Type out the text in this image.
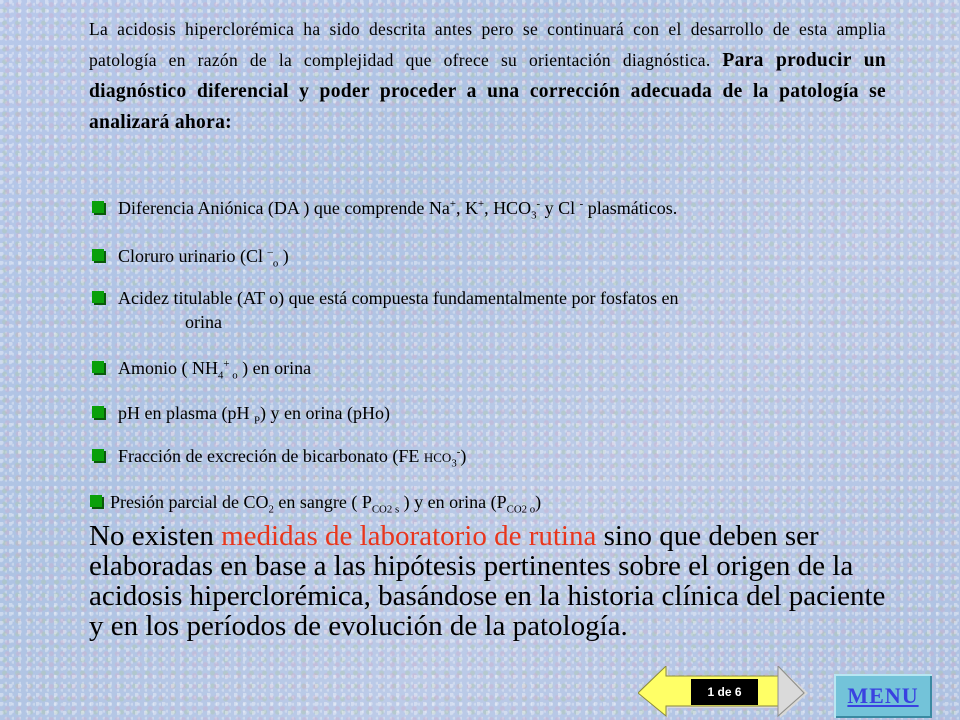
La acidosis hiperclorémica ha sido descrita antes pero se continuará con el desarrollo de esta amplia patología en razón de la complejidad que ofrece su orientación diagnóstica. Para producir un diagnóstico diferencial y poder proceder a una corrección adecuada de la patología se analizará ahora:
Diferencia Aniónica (DA ) que comprende Na+, K+, $HCO_3^-$ y Cl - plasmáticos.
Cloruro urinario (Cl –$_o$ )
Acidez titulable (AT o) que está compuesta fundamentalmente por fosfatos en
orina
Amonio ( $NH_4^+$ $_o$ ) en orina
pH en plasma (pH $_P$) y en orina (pHo)
Fracción de excreción de bicarbonato (FE $HCO_3^-$)
Presión parcial de $CO_2$ en sangre ( $P_{CO2 s}$ ) y en orina $(P_{CO2 o})$
No existen medidas de laboratorio de rutina sino que deben ser elaboradas en base a las hipótesis pertinentes sobre el origen de la acidosis hiperclorémica, basándose en la historia clínica del paciente y en los períodos de evolución de la patología.
1 de 6	MENU
